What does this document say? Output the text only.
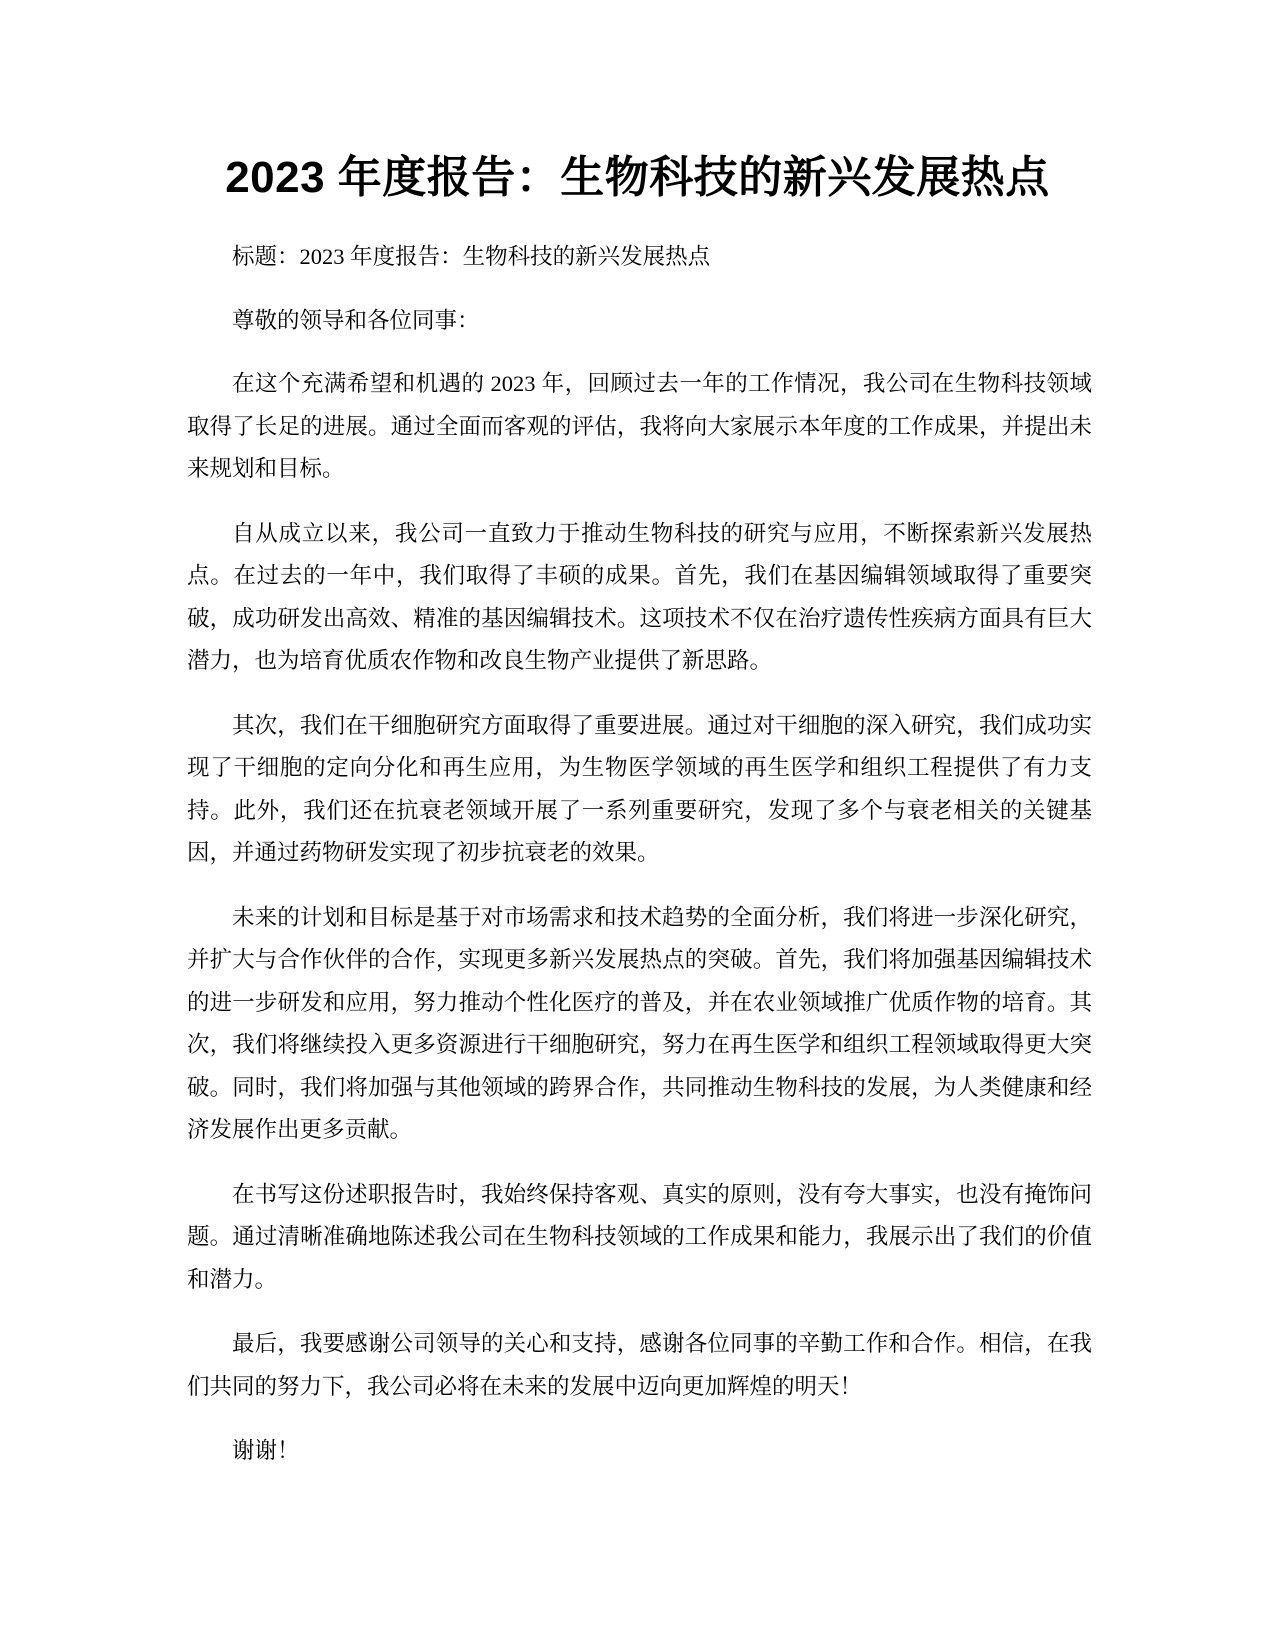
2023 年度报告：生物科技的新兴发展热点

标题：2023 年度报告：生物科技的新兴发展热点

尊敬的领导和各位同事：

在这个充满希望和机遇的 2023 年，回顾过去一年的工作情况，我公司在生物科技领域取得了长足的进展。通过全面而客观的评估，我将向大家展示本年度的工作成果，并提出未来规划和目标。

自从成立以来，我公司一直致力于推动生物科技的研究与应用，不断探索新兴发展热点。在过去的一年中，我们取得了丰硕的成果。首先，我们在基因编辑领域取得了重要突破，成功研发出高效、精准的基因编辑技术。这项技术不仅在治疗遗传性疾病方面具有巨大潜力，也为培育优质农作物和改良生物产业提供了新思路。

其次，我们在干细胞研究方面取得了重要进展。通过对干细胞的深入研究，我们成功实现了干细胞的定向分化和再生应用，为生物医学领域的再生医学和组织工程提供了有力支持。此外，我们还在抗衰老领域开展了一系列重要研究，发现了多个与衰老相关的关键基因，并通过药物研发实现了初步抗衰老的效果。

未来的计划和目标是基于对市场需求和技术趋势的全面分析，我们将进一步深化研究，并扩大与合作伙伴的合作，实现更多新兴发展热点的突破。首先，我们将加强基因编辑技术的进一步研发和应用，努力推动个性化医疗的普及，并在农业领域推广优质作物的培育。其次，我们将继续投入更多资源进行干细胞研究，努力在再生医学和组织工程领域取得更大突破。同时，我们将加强与其他领域的跨界合作，共同推动生物科技的发展，为人类健康和经济发展作出更多贡献。

在书写这份述职报告时，我始终保持客观、真实的原则，没有夸大事实，也没有掩饰问题。通过清晰准确地陈述我公司在生物科技领域的工作成果和能力，我展示出了我们的价值和潜力。

最后，我要感谢公司领导的关心和支持，感谢各位同事的辛勤工作和合作。相信，在我们共同的努力下，我公司必将在未来的发展中迈向更加辉煌的明天！

谢谢！
